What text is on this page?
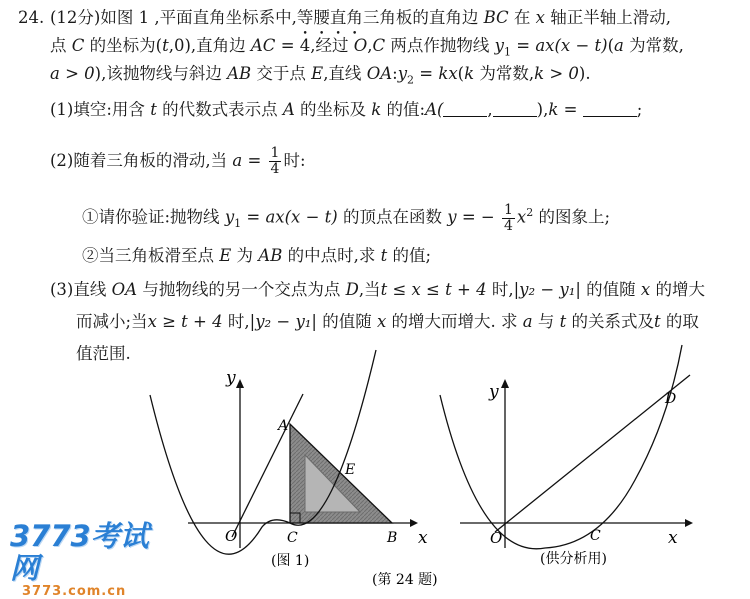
24. (12分)如图 1 ,平面直角坐标系中,等腰直角三角板的直角边 BC 在 x 轴正半轴上滑动,
点 C 的坐标为(t,0),直角边 AC = 4,经过 O,C 两点作抛物线 $y_1 = ax(x - t)(a$ 为常数,
a > 0),该抛物线与斜边 AB 交于点 E,直线 $OA:y_2 = kx(k$ 为常数,k > 0).
(1)填空:用含 t 的代数式表示点 A 的坐标及 k 的值:A(	,	),k =	;
(2)随着三角板的滑动,当 $a = \frac{1}{4}$ 时:
①请你验证:抛物线 $y_1 = ax(x - t)$ 的顶点在函数 y = − $\frac{1}{4} x^2$ 的图象上;
②当三角板滑至点 E 为 AB 的中点时,求 t 的值;
(3)直线 OA 与抛物线的另一个交点为点 D,当t ≤ x ≤ t + 4 时,|y₂ − y₁| 的值随 x 的增大
而减小;当x ≥ t + 4 时,|y₂ − y₁| 的值随 x 的增大而增大. 求 a 与 t 的关系式及t 的取
值范围.
y
x
O
A
C
E
B
(图 1)
y
x
O	C
D
(供分析用)
(第 24 题)
3773考试网
3773.com.cn
